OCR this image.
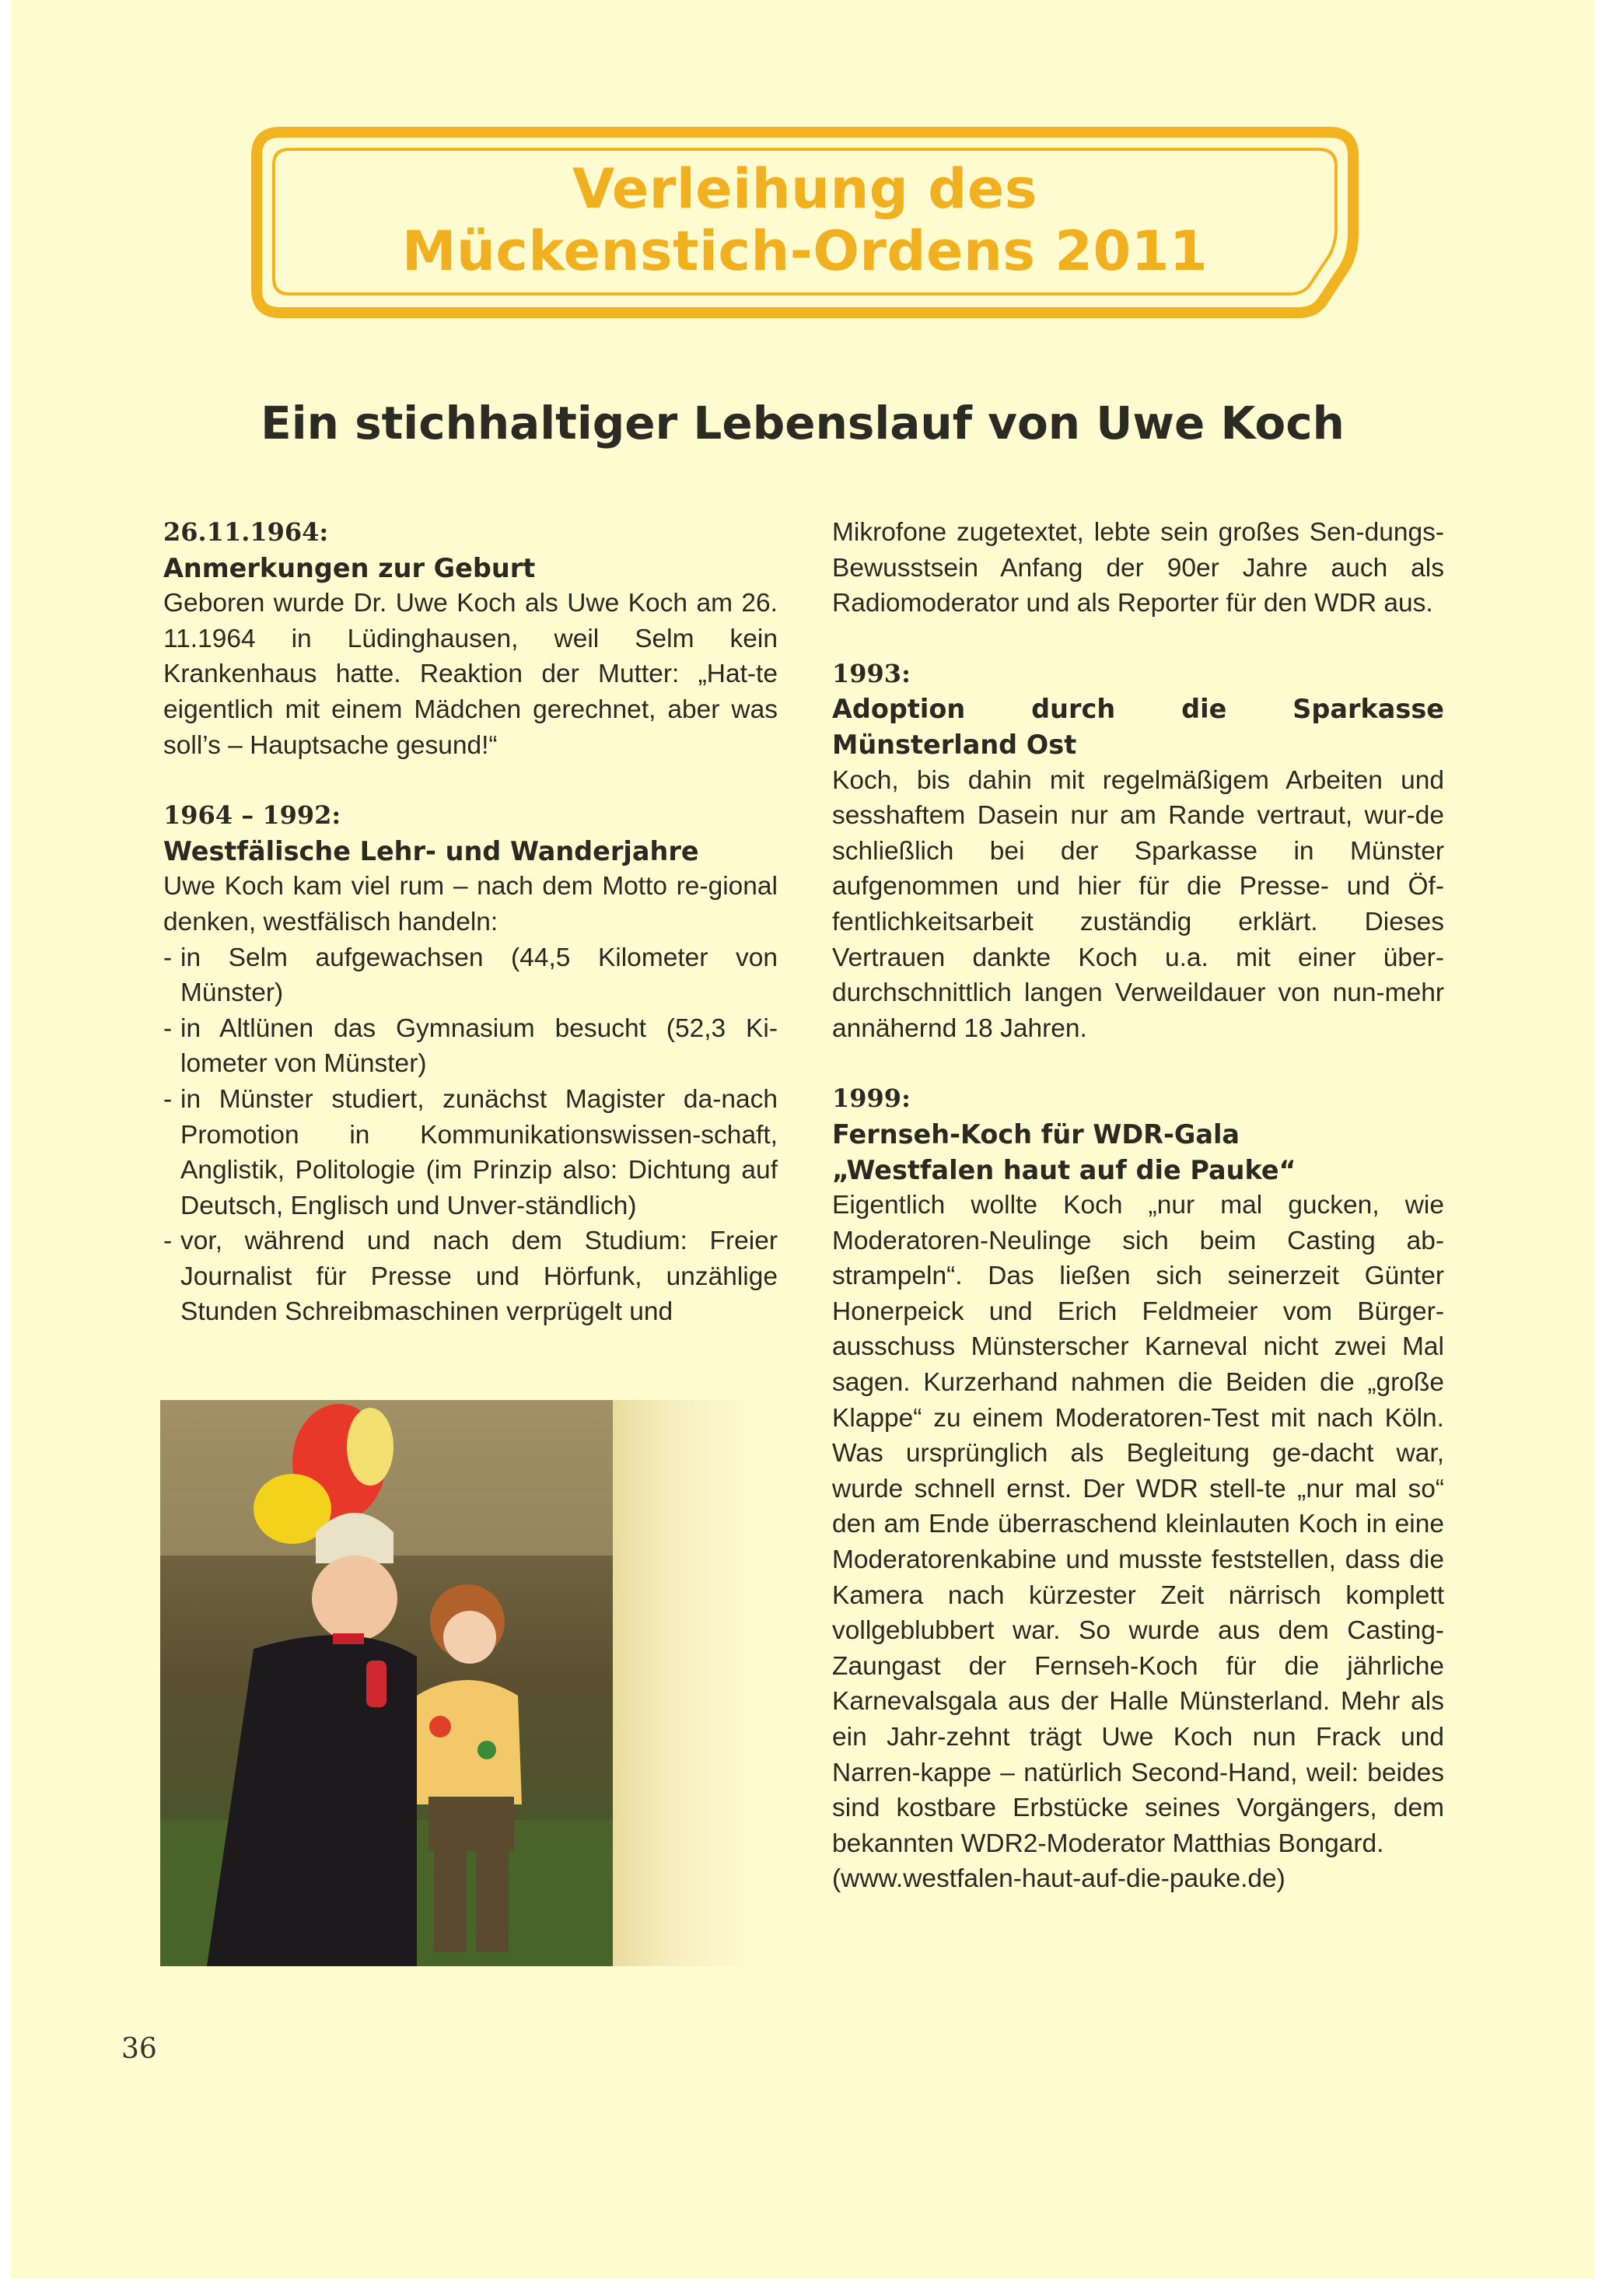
Verleihung des
Mückenstich-Ordens 2011
Ein stichhaltiger Lebenslauf von Uwe Koch

26.11.1964:

Anmerkungen zur Geburt

Geboren wurde Dr. Uwe Koch als Uwe Koch am 26. 11.1964 in Lüdinghausen, weil Selm kein Krankenhaus hatte. Reaktion der Mutter: „Hat-te eigentlich mit einem Mädchen gerechnet, aber was soll’s – Hauptsache gesund!“

1964 – 1992:

Westfälische Lehr- und Wanderjahre

Uwe Koch kam viel rum – nach dem Motto re-gional denken, westfälisch handeln:

- in Selm aufgewachsen (44,5 Kilometer von Münster)
- in Altlünen das Gymnasium besucht (52,3 Ki-lometer von Münster)
- in Münster studiert, zunächst Magister da-nach Promotion in Kommunikationswissen-schaft, Anglistik, Politologie (im Prinzip also: Dichtung auf Deutsch, Englisch und Unver-ständlich)
- vor, während und nach dem Studium: Freier Journalist für Presse und Hörfunk, unzählige Stunden Schreibmaschinen verprügelt und

Mikrofone zugetextet, lebte sein großes Sen-dungs-Bewusstsein Anfang der 90er Jahre auch als Radiomoderator und als Reporter für den WDR aus.

1993:

Adoption durch die Sparkasse Münsterland Ost

Koch, bis dahin mit regelmäßigem Arbeiten und sesshaftem Dasein nur am Rande vertraut, wur-de schließlich bei der Sparkasse in Münster aufgenommen und hier für die Presse- und Öf-fentlichkeitsarbeit zuständig erklärt. Dieses Vertrauen dankte Koch u.a. mit einer über-durchschnittlich langen Verweildauer von nun-mehr annähernd 18 Jahren.

1999:

Fernseh-Koch für WDR-Gala

„Westfalen haut auf die Pauke“

Eigentlich wollte Koch „nur mal gucken, wie Moderatoren-Neulinge sich beim Casting ab-strampeln“. Das ließen sich seinerzeit Günter Honerpeick und Erich Feldmeier vom Bürger-ausschuss Münsterscher Karneval nicht zwei Mal sagen. Kurzerhand nahmen die Beiden die „große Klappe“ zu einem Moderatoren-Test mit nach Köln. Was ursprünglich als Begleitung ge-dacht war, wurde schnell ernst. Der WDR stell-te „nur mal so“ den am Ende überraschend kleinlauten Koch in eine Moderatorenkabine und musste feststellen, dass die Kamera nach kürzester Zeit närrisch komplett vollgeblubbert war. So wurde aus dem Casting-Zaungast der Fernseh-Koch für die jährliche Karnevalsgala aus der Halle Münsterland. Mehr als ein Jahr-zehnt trägt Uwe Koch nun Frack und Narren-kappe – natürlich Second-Hand, weil: beides sind kostbare Erbstücke seines Vorgängers, dem bekannten WDR2-Moderator Matthias Bongard.

(www.westfalen-haut-auf-die-pauke.de)

36
